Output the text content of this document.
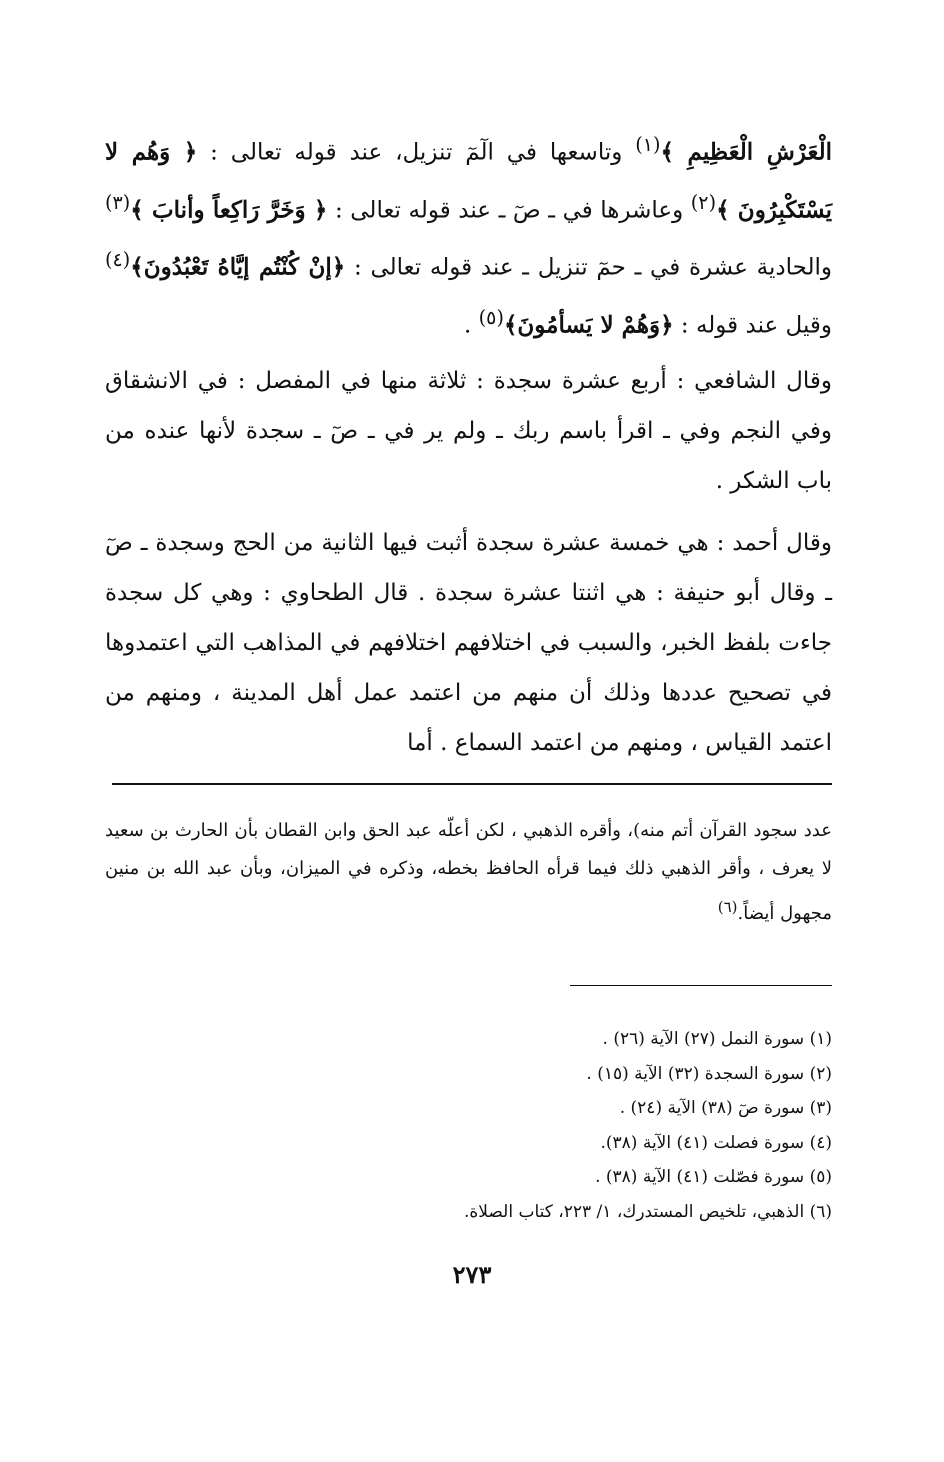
الْعَرْشِ الْعَظِيمِ ﴾$^{(١)}$ وتاسعها في الٓمٓ تنزيل، عند قوله تعالى : ﴿ وَهُم لا يَسْتَكْبِرُونَ ﴾$^{(٢)}$ وعاشرها في ـ صٓ ـ عند قوله تعالى : ﴿ وَخَرَّ رَاكِعاً وأنابَ ﴾$^{(٣)}$ والحادية عشرة في ـ حمٓ تنزيل ـ عند قوله تعالى : ﴿إنْ كُنْتُم إيَّاهُ تَعْبُدُونَ﴾$^{(٤)}$ وقيل عند قوله : ﴿وَهُمْ لا يَسأمُونَ﴾$^{(٥)}$ .

وقال الشافعي : أربع عشرة سجدة : ثلاثة منها في المفصل : في الانشقاق وفي النجم وفي ـ اقرأ باسم ربك ـ ولم ير في ـ صٓ ـ سجدة لأنها عنده من باب الشكر .

وقال أحمد : هي خمسة عشرة سجدة أثبت فيها الثانية من الحج وسجدة ـ صٓ ـ وقال أبو حنيفة : هي اثنتا عشرة سجدة . قال الطحاوي : وهي كل سجدة جاءت بلفظ الخبر، والسبب في اختلافهم اختلافهم في المذاهب التي اعتمدوها في تصحيح عددها وذلك أن منهم من اعتمد عمل أهل المدينة ، ومنهم من اعتمد القياس ، ومنهم من اعتمد السماع . أما

عدد سجود القرآن أتم منه)، وأقره الذهبي ، لكن أعلّه عبد الحق وابن القطان بأن الحارث بن سعيد لا يعرف ، وأقر الذهبي ذلك فيما قرأه الحافظ بخطه، وذكره في الميزان، وبأن عبد الله بن منين مجهول أيضاً.$^{(٦)}$

(١) سورة النمل (٢٧) الآية (٢٦) .
(٢) سورة السجدة (٣٢) الآية (١٥) .
(٣) سورة صٓ (٣٨) الآية (٢٤) .
(٤) سورة فصلت (٤١) الآية (٣٨).
(٥) سورة فصّلت (٤١) الآية (٣٨) .
(٦) الذهبي، تلخيص المستدرك، ١/ ٢٢٣، كتاب الصلاة.
٢٧٣
